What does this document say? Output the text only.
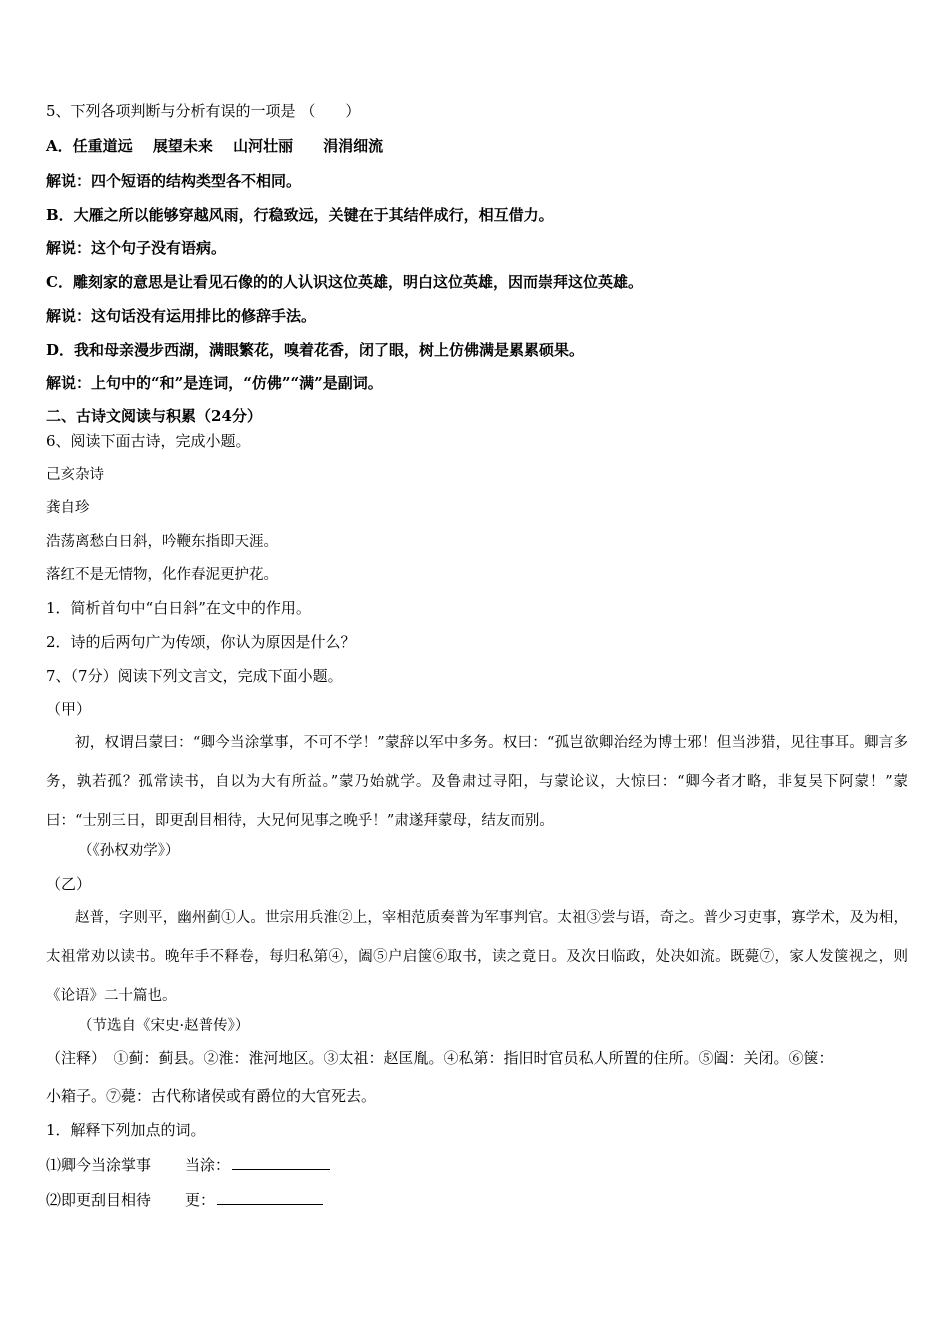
5、下列各项判断与分析有误的一项是 （　　）
A．任重道远　 展望未来　 山河壮丽　　涓涓细流
解说：四个短语的结构类型各不相同。
B．大雁之所以能够穿越风雨，行稳致远，关键在于其结伴成行，相互借力。
解说：这个句子没有语病。
C．雕刻家的意思是让看见石像的的人认识这位英雄，明白这位英雄，因而崇拜这位英雄。
解说：这句话没有运用排比的修辞手法。
D．我和母亲漫步西湖，满眼繁花，嗅着花香，闭了眼，树上仿佛满是累累硕果。
解说：上句中的“和”是连词，“仿佛”“满”是副词。
二、古诗文阅读与积累（24分）
6、阅读下面古诗，完成小题。
己亥杂诗
龚自珍
浩荡离愁白日斜，吟鞭东指即天涯。
落红不是无情物，化作春泥更护花。
1．简析首句中“白日斜”在文中的作用。
2．诗的后两句广为传颂，你认为原因是什么？
7、（7分）阅读下列文言文，完成下面小题。
（甲）
初，权谓吕蒙曰：“卿今当涂掌事，不可不学！”蒙辞以军中多务。权曰：“孤岂欲卿治经为博士邪！但当涉猎，见往事耳。卿言多务，孰若孤？孤常读书，自以为大有所益。”蒙乃始就学。及鲁肃过寻阳，与蒙论议，大惊曰：“卿今者才略，非复吴下阿蒙！”蒙曰：“士别三日，即更刮目相待，大兄何见事之晚乎！”肃遂拜蒙母，结友而别。
（《孙权劝学》）
（乙）
赵普，字则平，幽州蓟①人。世宗用兵淮②上，宰相范质奏普为军事判官。太祖③尝与语，奇之。普少习吏事，寡学术，及为相，太祖常劝以读书。晚年手不释卷，每归私第④，阖⑤户启箧⑥取书，读之竟日。及次日临政，处决如流。既薨⑦，家人发箧视之，则《论语》二十篇也。
（节选自《宋史·赵普传》）
（注释）　①蓟：蓟县。②淮：淮河地区。③太祖：赵匡胤。④私第：指旧时官员私人所置的住所。⑤阖：关闭。⑥箧：
小箱子。⑦薨：古代称诸侯或有爵位的大官死去。
1．解释下列加点的词。
⑴卿今当涂掌事 当涂：
⑵即更刮目相待 更：
